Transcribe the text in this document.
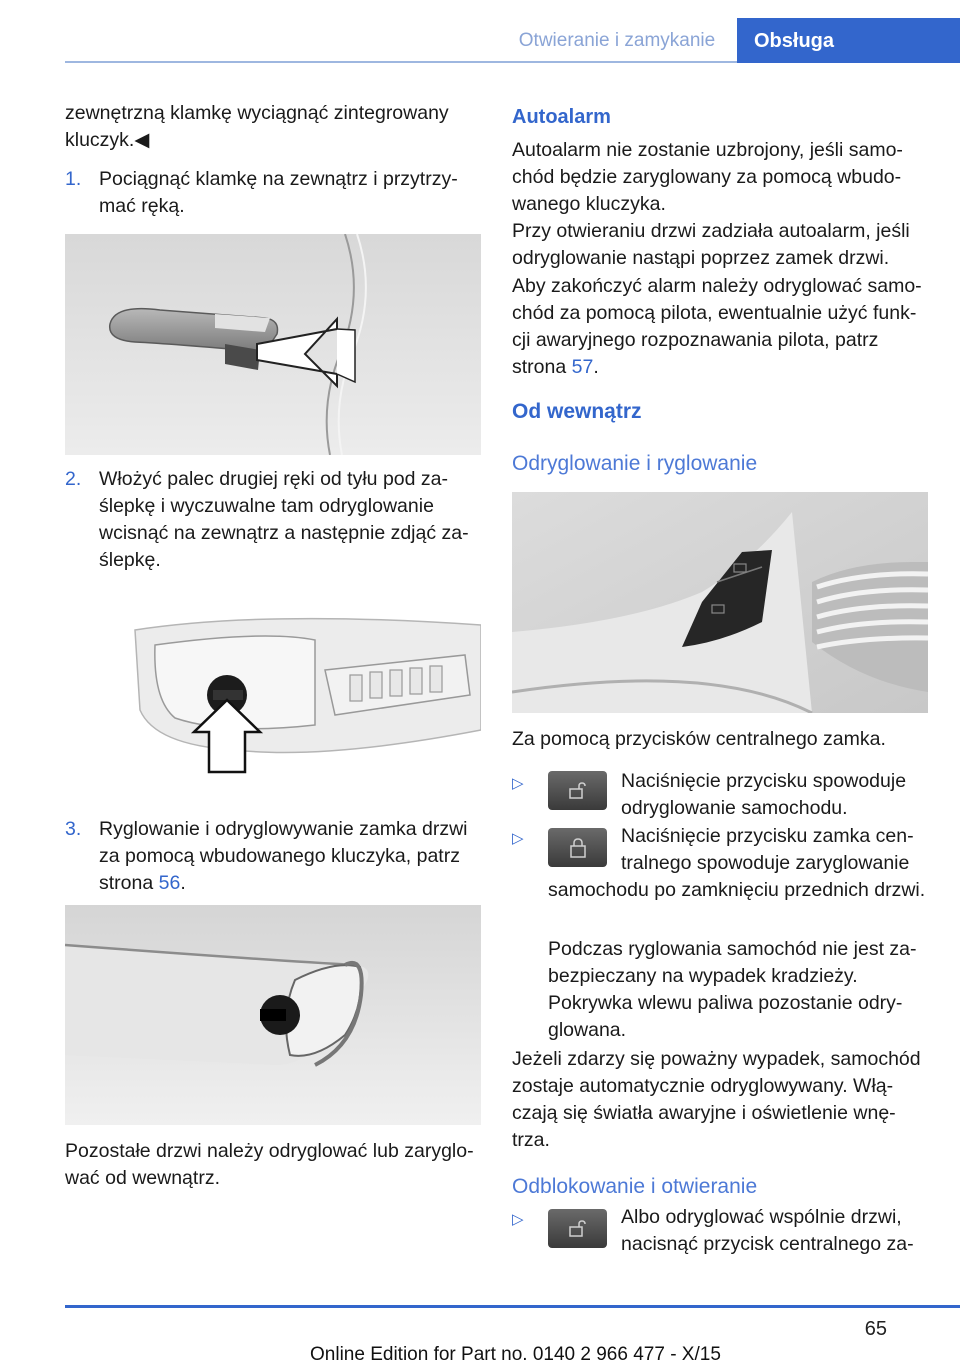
Otwieranie i zamykanie	Obsługa

zewnętrzną klamkę wyciągnąć zintegrowany kluczyk.◀

1. Pociągnąć klamkę na zewnątrz i przytrzy‐mać ręką.
2. Włożyć palec drugiej ręki od tyłu pod za‐ślepkę i wyczuwalne tam odryglowanie wcisnąć na zewnątrz a następnie zdjąć za‐ślepkę.
3. Ryglowanie i odryglowywanie zamka drzwi za pomocą wbudowanego kluczyka, patrz strona 56.

Pozostałe drzwi należy odryglować lub zaryglo‐wać od wewnątrz.

Autoalarm

Autoalarm nie zostanie uzbrojony, jeśli samo‐chód będzie zaryglowany za pomocą wbudo‐wanego kluczyka.

Przy otwieraniu drzwi zadziała autoalarm, jeśli odryglowanie nastąpi poprzez zamek drzwi.

Aby zakończyć alarm należy odryglować samo‐chód za pomocą pilota, ewentualnie użyć funk‐cji awaryjnego rozpoznawania pilota, patrz strona 57.

Od wewnątrz

Odryglowanie i ryglowanie

Za pomocą przycisków centralnego zamka.

▷	Naciśnięcie przycisku spowoduje odryglowanie samochodu.

▷	Naciśnięcie przycisku zamka cen‐tralnego spowoduje zaryglowanie

samochodu po zamknięciu przednich drzwi.

Podczas ryglowania samochód nie jest za‐bezpieczany na wypadek kradzieży.

Pokrywka wlewu paliwa pozostanie odry‐glowana.

Jeżeli zdarzy się poważny wypadek, samochód zostaje automatycznie odryglowywany. Włą‐czają się światła awaryjne i oświetlenie wnę‐trza.

Odblokowanie i otwieranie

▷	Albo odryglować wspólnie drzwi, nacisnąć przycisk centralnego za‐

65
Online Edition for Part no. 0140 2 966 477 - X/15
